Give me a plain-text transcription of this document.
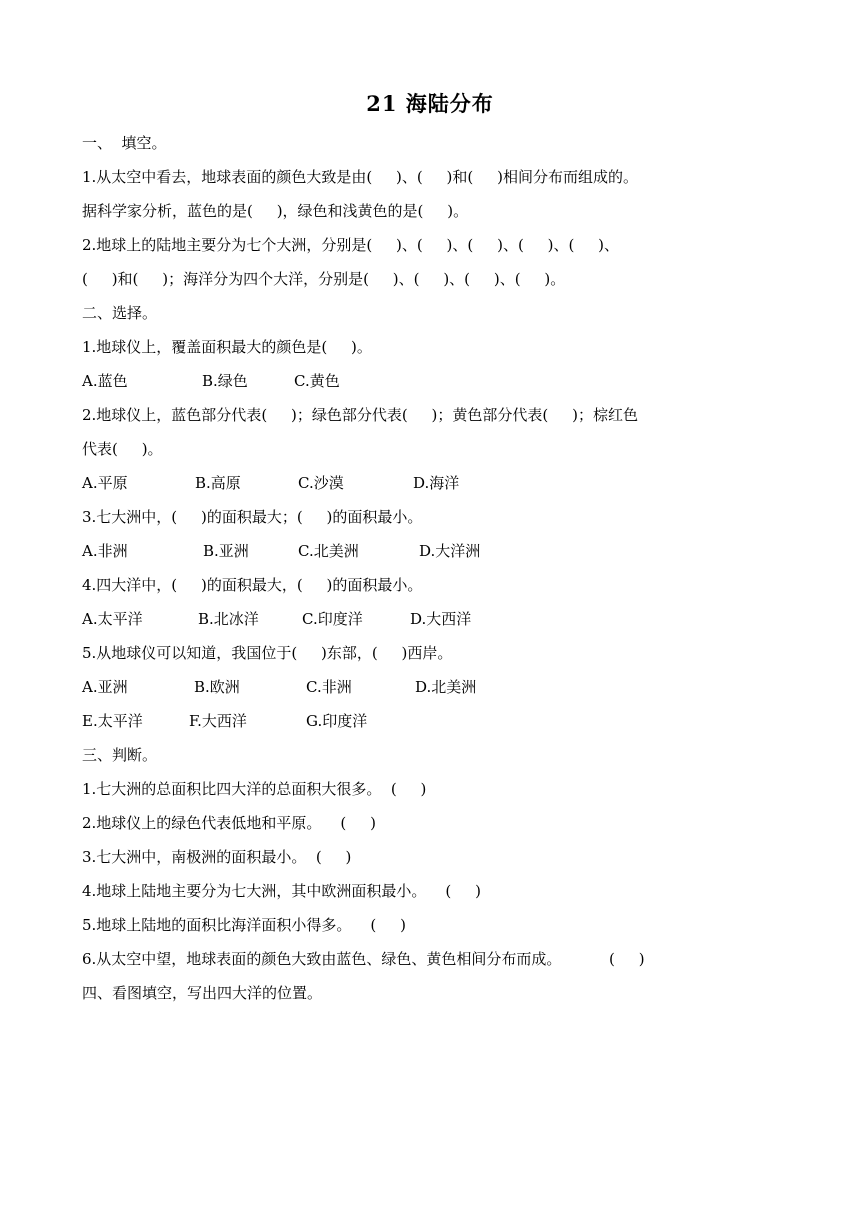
21 海陆分布
一、  填空。
1.从太空中看去，地球表面的颜色大致是由(     )、(     )和(     )相间分布而组成的。
据科学家分析，蓝色的是(     )，绿色和浅黄色的是(     )。
2.地球上的陆地主要分为七个大洲，分别是(     )、(     )、(     )、(     )、(     )、
(     )和(     )；海洋分为四个大洋，分别是(     )、(     )、(     )、(     )。
二、选择。
1.地球仪上，覆盖面积最大的颜色是(     )。
A.蓝色	B.绿色	C.黄色
2.地球仪上，蓝色部分代表(     )；绿色部分代表(     )；黄色部分代表(     )；棕红色
代表(     )。
A.平原	B.高原	C.沙漠	D.海洋
3.七大洲中，(     )的面积最大；(     )的面积最小。
A.非洲	B.亚洲	C.北美洲	D.大洋洲
4.四大洋中，(     )的面积最大，(     )的面积最小。
A.太平洋	B.北冰洋	C.印度洋	D.大西洋
5.从地球仪可以知道，我国位于(     )东部，(     )西岸。
A.亚洲	B.欧洲	C.非洲	D.北美洲
E.太平洋	F.大西洋	G.印度洋
三、判断。
1.七大洲的总面积比四大洋的总面积大很多。  (     )
2.地球仪上的绿色代表低地和平原。    (     )
3.七大洲中，南极洲的面积最小。  (     )
4.地球上陆地主要分为七大洲，其中欧洲面积最小。    (     )
5.地球上陆地的面积比海洋面积小得多。    (     )
6.从太空中望，地球表面的颜色大致由蓝色、绿色、黄色相间分布而成。          (     )
四、看图填空，写出四大洋的位置。
